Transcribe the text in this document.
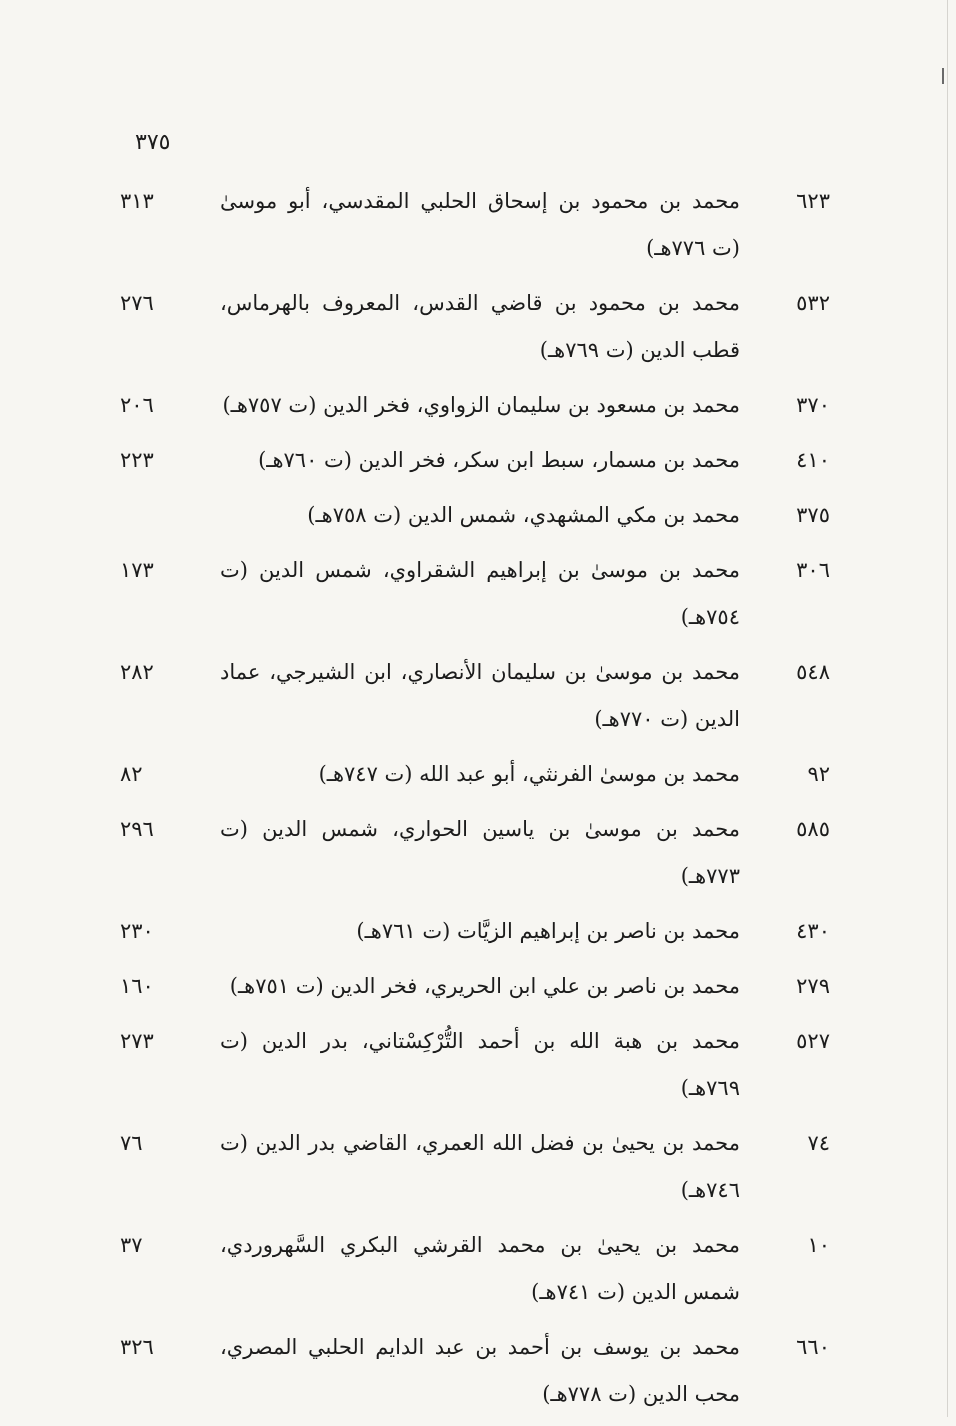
٣٧٥
٦٢٣
محمد بن محمود بن إسحاق الحلبي المقدسي، أبو موسىٰ (ت ٧٧٦هـ)
٣١٣
٥٣٢
محمد بن محمود بن قاضي القدس، المعروف بالهرماس، قطب الدين (ت ٧٦٩هـ)
٢٧٦
٣٧٠
محمد بن مسعود بن سليمان الزواوي، فخر الدين (ت ٧٥٧هـ)
٢٠٦
٤١٠
محمد بن مسمار، سبط ابن سكر، فخر الدين (ت ٧٦٠هـ)
٢٢٣
٣٧٥
محمد بن مكي المشهدي، شمس الدين (ت ٧٥٨هـ)
٣٠٦
محمد بن موسىٰ بن إبراهيم الشقراوي، شمس الدين (ت ٧٥٤هـ)
١٧٣
٥٤٨
محمد بن موسىٰ بن سليمان الأنصاري، ابن الشيرجي، عماد الدين (ت ٧٧٠هـ)
٢٨٢
٩٢
محمد بن موسىٰ الفرنثي، أبو عبد الله (ت ٧٤٧هـ)
٨٢
٥٨٥
محمد بن موسىٰ بن ياسين الحواري، شمس الدين (ت ٧٧٣هـ)
٢٩٦
٤٣٠
محمد بن ناصر بن إبراهيم الزيَّات (ت ٧٦١هـ)
٢٣٠
٢٧٩
محمد بن ناصر بن علي ابن الحريري، فخر الدين (ت ٧٥١هـ)
١٦٠
٥٢٧
محمد بن هبة الله بن أحمد التُّرْكِسْتاني، بدر الدين (ت ٧٦٩هـ)
٢٧٣
٧٤
محمد بن يحيىٰ بن فضل الله العمري، القاضي بدر الدين (ت ٧٤٦هـ)
٧٦
١٠
محمد بن يحيىٰ بن محمد القرشي البكري السَّهروردي، شمس الدين (ت ٧٤١هـ)
٣٧
٦٦٠
محمد بن يوسف بن أحمد بن عبد الدايم الحلبي المصري، محب الدين (ت ٧٧٨هـ)
٣٢٦
